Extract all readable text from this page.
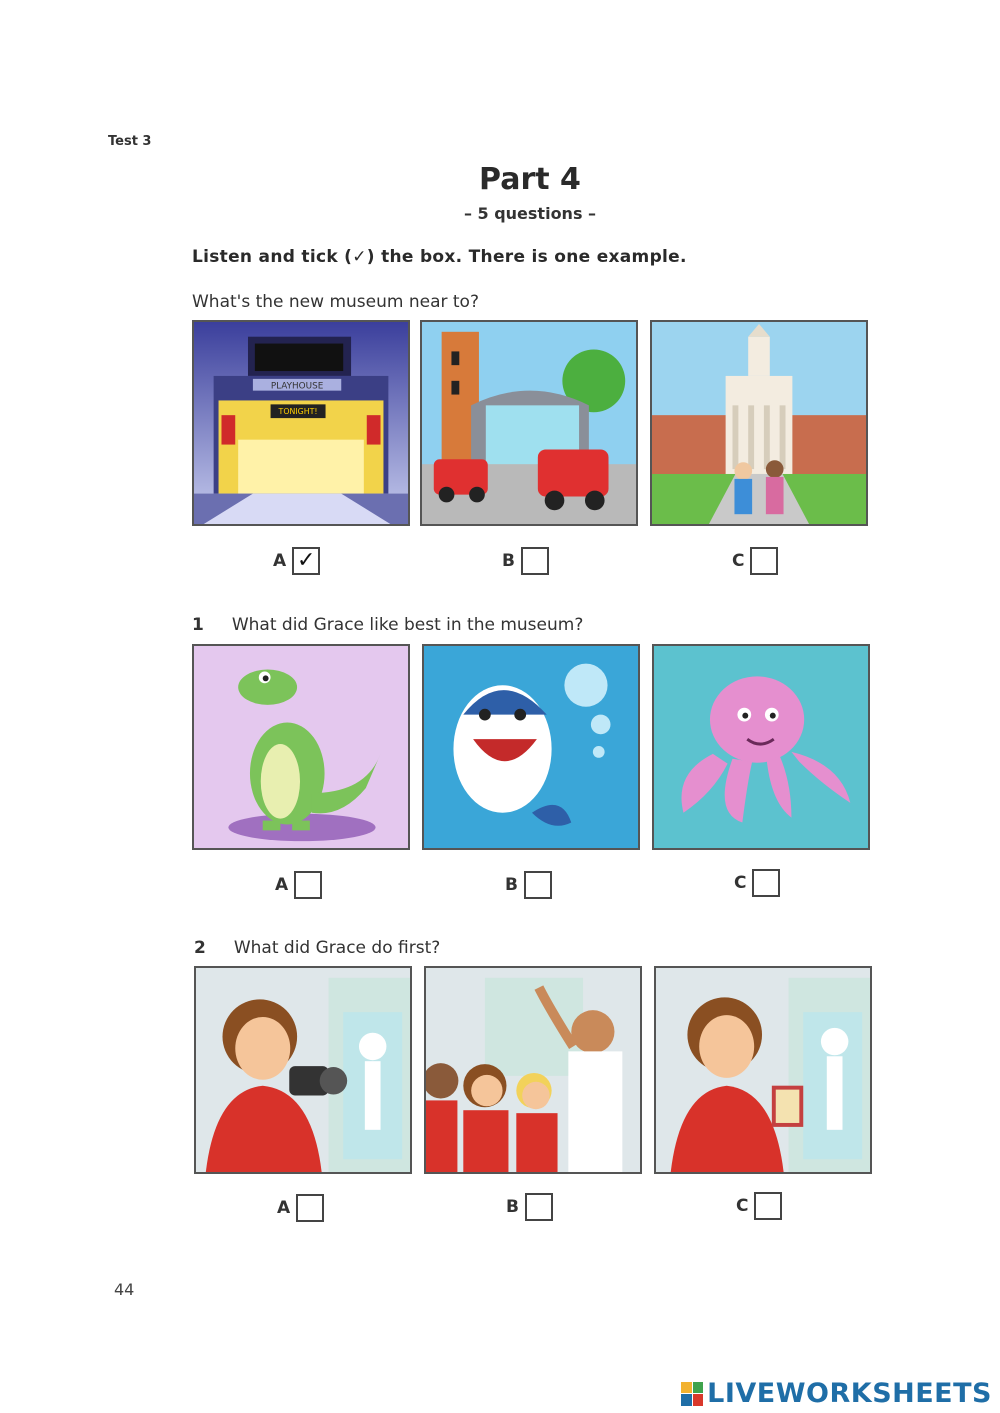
Test 3
Part 4
– 5 questions –
Listen and tick (✓) the box. There is one example.
What's the new museum near to?
PLAYHOUSE
TONIGHT!
A ✓	B	C
1 What did Grace like best in the museum?
A	B	C
2 What did Grace do first?
A	B	C
44
LIVEWORKSHEETS
